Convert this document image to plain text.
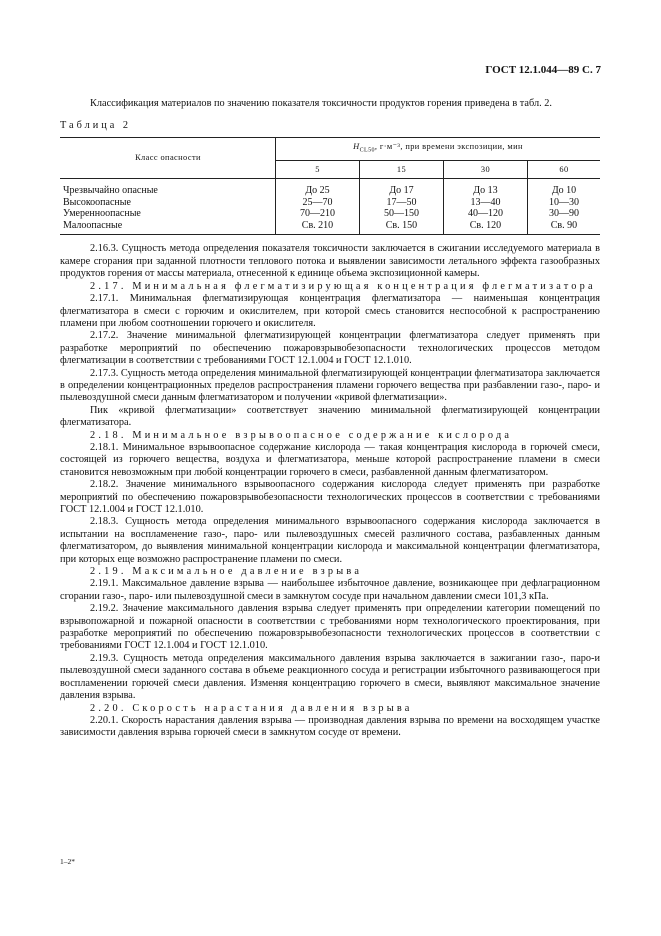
ГОСТ 12.1.044—89 С. 7

Классификация материалов по значению показателя токсичности продуктов горения приведена в табл. 2.

Таблица 2

Класс опасности	$H_{CL50}$, г·м⁻³, при времени экспозиции, мин			
	5	15	30	60
Чрезвычайно опасные	До 25	До 17	До 13	До 10
Высокоопасные	25—70	17—50	13—40	10—30
Умеренноопасные	70—210	50—150	40—120	30—90
Малоопасные	Св. 210	Св. 150	Св. 120	Св. 90

2.16.3. Сущность метода определения показателя токсичности заключается в сжигании исследуемого материала в камере сгорания при заданной плотности теплового потока и выявлении зависимости летального эффекта газообразных продуктов горения от массы материала, отнесенной к единице объема экспозиционной камеры.

2.17. Минимальная флегматизирующая концентрация флегматизатора

2.17.1. Минимальная флегматизирующая концентрация флегматизатора — наименьшая концентрация флегматизатора в смеси с горючим и окислителем, при которой смесь становится неспособной к распространению пламени при любом соотношении горючего и окислителя.

2.17.2. Значение минимальной флегматизирующей концентрации флегматизатора следует применять при разработке мероприятий по обеспечению пожаровзрывобезопасности технологических процессов методом флегматизации в соответствии с требованиями ГОСТ 12.1.004 и ГОСТ 12.1.010.

2.17.3. Сущность метода определения минимальной флегматизирующей концентрации флегматизатора заключается в определении концентрационных пределов распространения пламени горючего вещества при разбавлении газо-, паро- и пылевоздушной смеси данным флегматизатором и получении «кривой флегматизации».

Пик «кривой флегматизации» соответствует значению минимальной флегматизирующей концентрации флегматизатора.

2.18. Минимальное взрывоопасное содержание кислорода

2.18.1. Минимальное взрывоопасное содержание кислорода — такая концентрация кислорода в горючей смеси, состоящей из горючего вещества, воздуха и флегматизатора, меньше которой распространение пламени в смеси становится невозможным при любой концентрации горючего в смеси, разбавленной данным флегматизатором.

2.18.2. Значение минимального взрывоопасного содержания кислорода следует применять при разработке мероприятий по обеспечению пожаровзрывобезопасности технологических процессов в соответствии с требованиями ГОСТ 12.1.004 и ГОСТ 12.1.010.

2.18.3. Сущность метода определения минимального взрывоопасного содержания кислорода заключается в испытании на воспламенение газо-, паро- или пылевоздушных смесей различного состава, разбавленных данным флегматизатором, до выявления минимальной концентрации кислорода и максимальной концентрации флегматизатора, при которых еще возможно распространение пламени по смеси.

2.19. Максимальное давление взрыва

2.19.1. Максимальное давление взрыва — наибольшее избыточное давление, возникающее при дефлаграционном сгорании газо-, паро- или пылевоздушной смеси в замкнутом сосуде при начальном давлении смеси 101,3 кПа.

2.19.2. Значение максимального давления взрыва следует применять при определении категории помещений по взрывопожарной и пожарной опасности в соответствии с требованиями норм технологического проектирования, при разработке мероприятий по обеспечению пожаровзрывобезопасности технологических процессов в соответствии с требованиями ГОСТ 12.1.004 и ГОСТ 12.1.010.

2.19.3. Сущность метода определения максимального давления взрыва заключается в зажигании газо-, паро-и пылевоздушной смеси заданного состава в объеме реакционного сосуда и регистрации избыточного развивающегося при воспламенении горючей смеси давления. Изменяя концентрацию горючего в смеси, выявляют максимальное значение давления взрыва.

2.20. Скорость нарастания давления взрыва

2.20.1. Скорость нарастания давления взрыва — производная давления взрыва по времени на восходящем участке зависимости давления взрыва горючей смеси в замкнутом сосуде от времени.

1–2*
